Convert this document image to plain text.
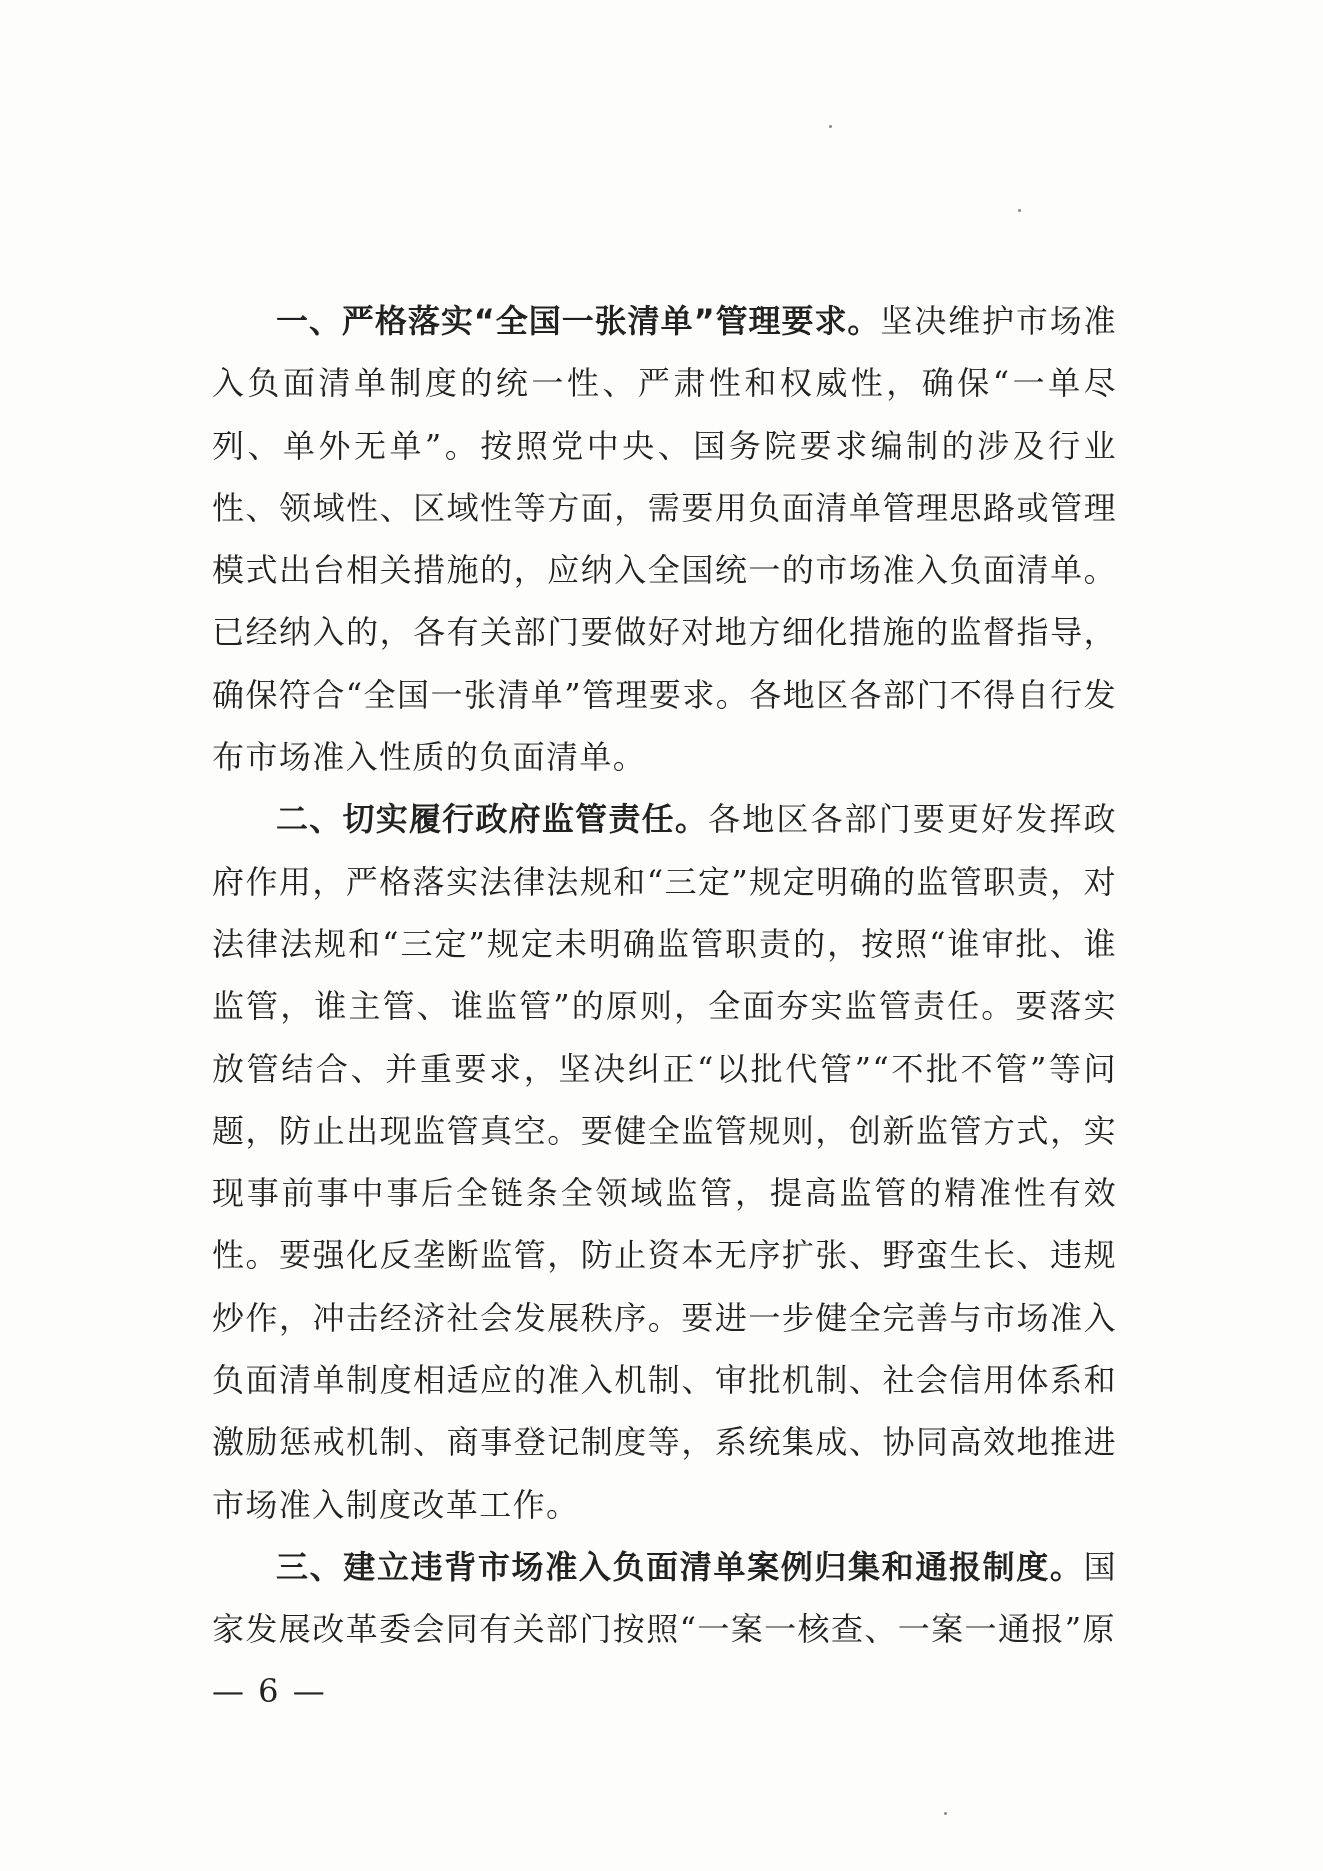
一、严格落实“全国一张清单”管理要求。坚决维护市场准入负面清单制度的统一性、严肃性和权威性，确保“一单尽列、单外无单”。按照党中央、国务院要求编制的涉及行业性、领域性、区域性等方面，需要用负面清单管理思路或管理模式出台相关措施的，应纳入全国统一的市场准入负面清单。已经纳入的，各有关部门要做好对地方细化措施的监督指导，确保符合“全国一张清单”管理要求。各地区各部门不得自行发布市场准入性质的负面清单。

二、切实履行政府监管责任。各地区各部门要更好发挥政府作用，严格落实法律法规和“三定”规定明确的监管职责，对法律法规和“三定”规定未明确监管职责的，按照“谁审批、谁监管，谁主管、谁监管”的原则，全面夯实监管责任。要落实放管结合、并重要求，坚决纠正“以批代管”“不批不管”等问题，防止出现监管真空。要健全监管规则，创新监管方式，实现事前事中事后全链条全领域监管，提高监管的精准性有效性。要强化反垄断监管，防止资本无序扩张、野蛮生长、违规炒作，冲击经济社会发展秩序。要进一步健全完善与市场准入负面清单制度相适应的准入机制、审批机制、社会信用体系和激励惩戒机制、商事登记制度等，系统集成、协同高效地推进市场准入制度改革工作。

三、建立违背市场准入负面清单案例归集和通报制度。国家发展改革委会同有关部门按照“一案一核查、一案一通报”原

— 6 —
